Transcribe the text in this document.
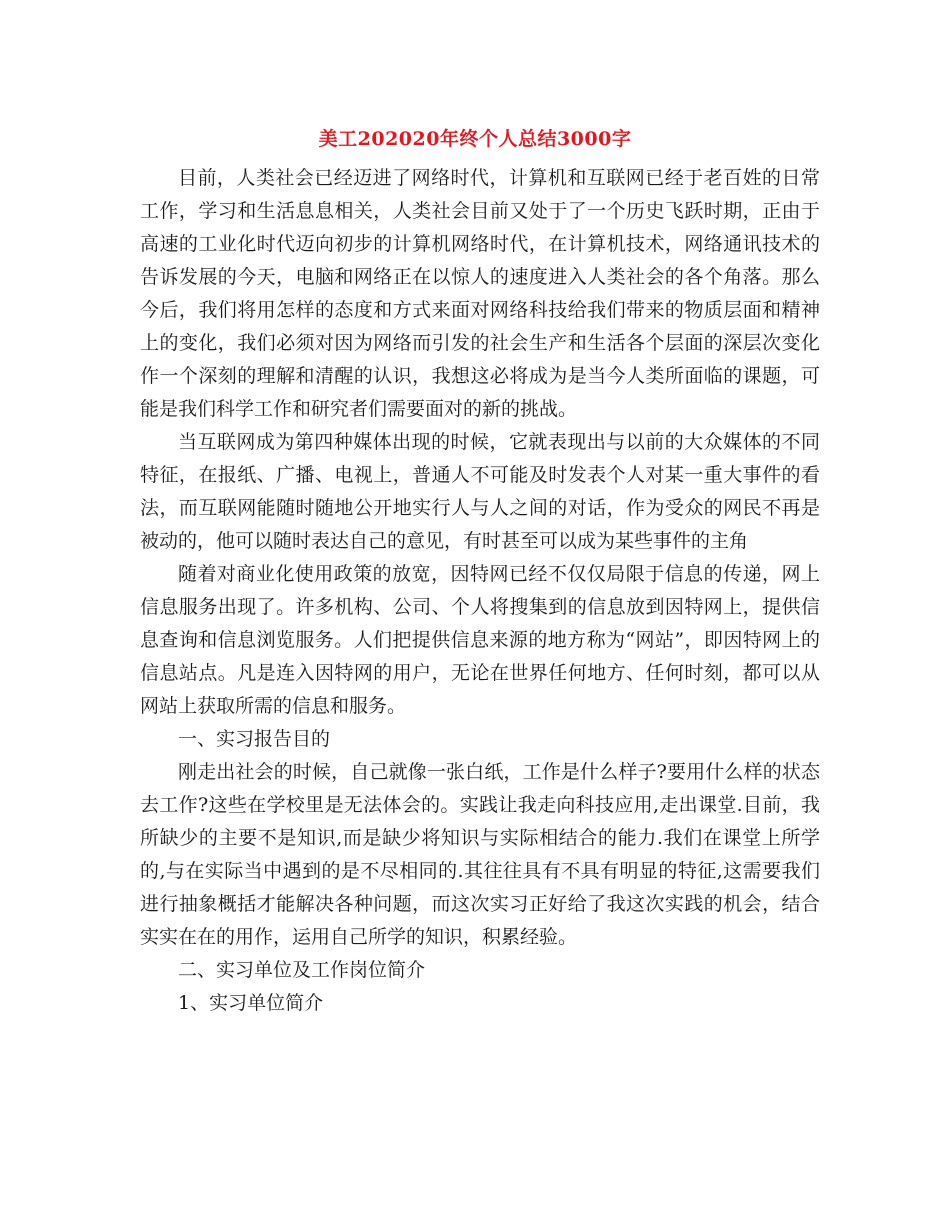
美工202020年终个人总结3000字

目前，人类社会已经迈进了网络时代，计算机和互联网已经于老百姓的日常工作，学习和生活息息相关，人类社会目前又处于了一个历史飞跃时期，正由于高速的工业化时代迈向初步的计算机网络时代，在计算机技术，网络通讯技术的告诉发展的今天，电脑和网络正在以惊人的速度进入人类社会的各个角落。那么今后，我们将用怎样的态度和方式来面对网络科技给我们带来的物质层面和精神上的变化，我们必须对因为网络而引发的社会生产和生活各个层面的深层次变化作一个深刻的理解和清醒的认识，我想这必将成为是当今人类所面临的课题，可能是我们科学工作和研究者们需要面对的新的挑战。

当互联网成为第四种媒体出现的时候，它就表现出与以前的大众媒体的不同特征，在报纸、广播、电视上，普通人不可能及时发表个人对某一重大事件的看法，而互联网能随时随地公开地实行人与人之间的对话，作为受众的网民不再是被动的，他可以随时表达自己的意见，有时甚至可以成为某些事件的主角

随着对商业化使用政策的放宽，因特网已经不仅仅局限于信息的传递，网上信息服务出现了。许多机构、公司、个人将搜集到的信息放到因特网上，提供信息查询和信息浏览服务。人们把提供信息来源的地方称为“网站”，即因特网上的信息站点。凡是连入因特网的用户，无论在世界任何地方、任何时刻，都可以从网站上获取所需的信息和服务。

一、实习报告目的

刚走出社会的时候，自己就像一张白纸，工作是什么样子?要用什么样的状态去工作?这些在学校里是无法体会的。实践让我走向科技应用,走出课堂.目前，我所缺少的主要不是知识,而是缺少将知识与实际相结合的能力.我们在课堂上所学的,与在实际当中遇到的是不尽相同的.其往往具有不具有明显的特征,这需要我们进行抽象概括才能解决各种问题，而这次实习正好给了我这次实践的机会，结合实实在在的用作，运用自己所学的知识，积累经验。

二、实习单位及工作岗位简介

1、实习单位简介
